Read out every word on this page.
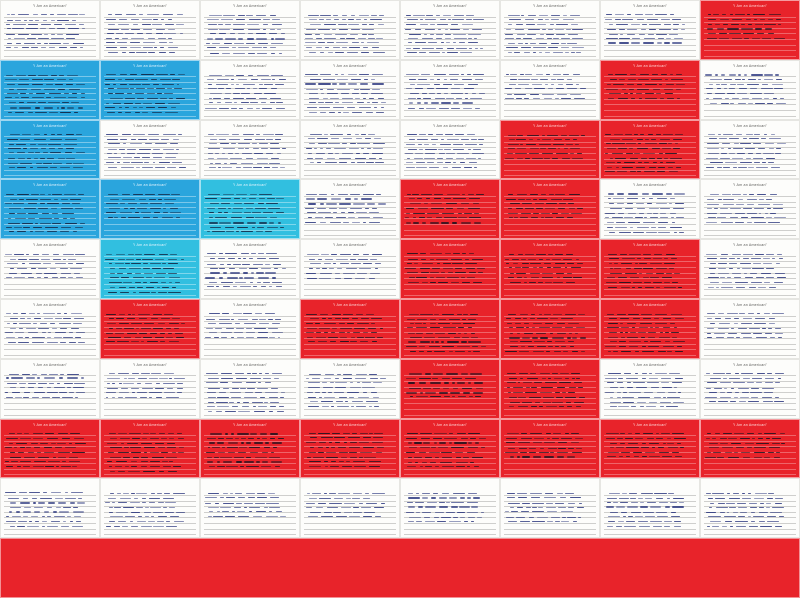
"I Am an American"	"I Am an American"	"I Am an American"	"I Am an American"	"I Am an American"	"I Am an American"	"I Am an American"
"I Am an American"	"I Am an American"	"I Am an American"	"I Am an American"	"I Am an American"	"I Am an American"	"I Am an American"	"I Am an American"
"I Am an American"	"I Am an American"	"I Am an American"	"I Am an American"	"I Am an American"	"I Am an American"	"I Am an American"	"I Am an American"
"I Am an American"	"I Am an American"	"I Am an American"	"I Am an American"	"I Am an American"	"I Am an American"	"I Am an American"	"I Am an American"
"I Am an American"	"I Am an American"	"I Am an American"	"I Am an American"	"I Am an American"	"I Am an American"	"I Am an American"	"I Am an American"
"I Am an American"	"I Am an American"	"I Am an American"	"I Am an American"	"I Am an American"	"I Am an American"	"I Am an American"	"I Am an American"
"I Am an American"	"I Am an American"	"I Am an American"	"I Am an American"	"I Am an American"	"I Am an American"	"I Am an American"	"I Am an American"
"I Am an American"	"I Am an American"	"I Am an American"	"I Am an American"	"I Am an American"	"I Am an American"	"I Am an American"	"I Am an American"
